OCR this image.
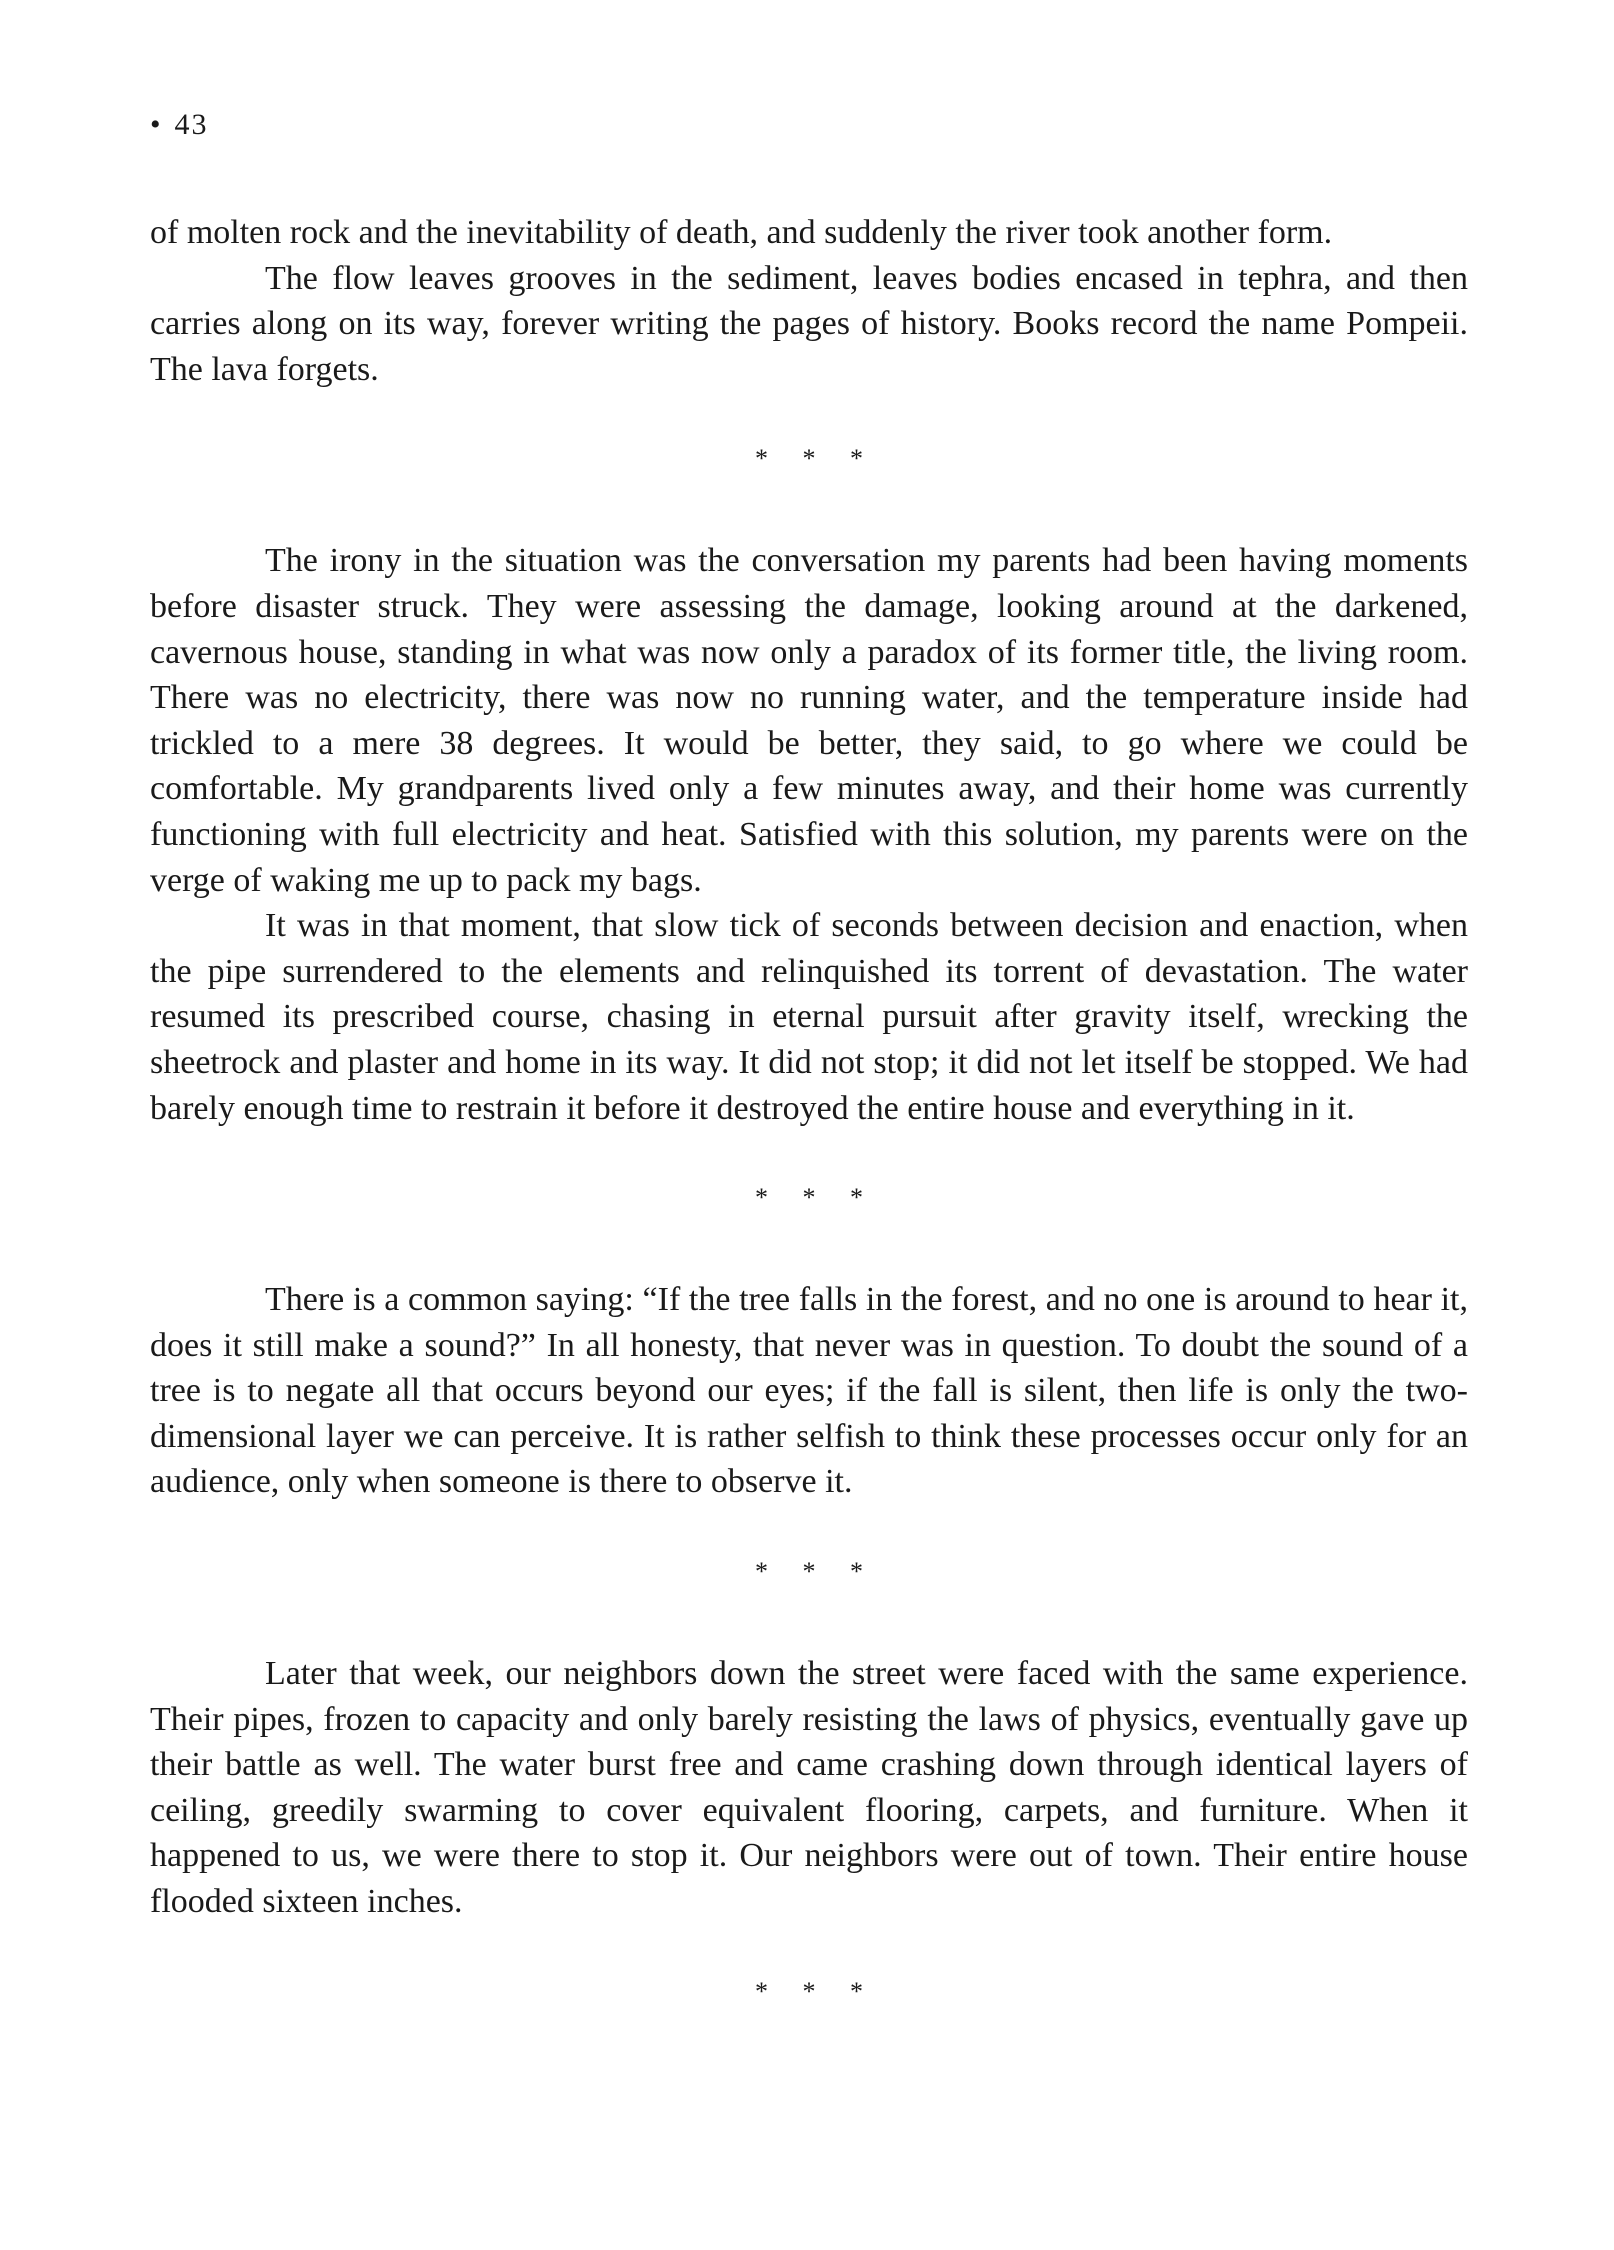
• 43

of molten rock and the inevitability of death, and suddenly the river took another form.

The flow leaves grooves in the sediment, leaves bodies encased in tephra, and then carries along on its way, forever writing the pages of history. Books record the name Pompeii. The lava forgets.

* * *

The irony in the situation was the conversation my parents had been having moments before disaster struck. They were assessing the damage, looking around at the darkened, cavernous house, standing in what was now only a paradox of its former title, the living room. There was no electricity, there was now no running water, and the temperature inside had trickled to a mere 38 degrees. It would be better, they said, to go where we could be comfortable. My grandparents lived only a few minutes away, and their home was currently functioning with full electricity and heat. Satisfied with this solution, my parents were on the verge of waking me up to pack my bags.

It was in that moment, that slow tick of seconds between decision and enaction, when the pipe surrendered to the elements and relinquished its torrent of devastation. The water resumed its prescribed course, chasing in eternal pursuit after gravity itself, wrecking the sheetrock and plaster and home in its way. It did not stop; it did not let itself be stopped. We had barely enough time to restrain it before it destroyed the entire house and everything in it.

* * *

There is a common saying: “If the tree falls in the forest, and no one is around to hear it, does it still make a sound?” In all honesty, that never was in question. To doubt the sound of a tree is to negate all that occurs beyond our eyes; if the fall is silent, then life is only the two-dimensional layer we can perceive. It is rather selfish to think these processes occur only for an audience, only when someone is there to observe it.

* * *

Later that week, our neighbors down the street were faced with the same experience. Their pipes, frozen to capacity and only barely resisting the laws of physics, eventually gave up their battle as well. The water burst free and came crashing down through identical layers of ceiling, greedily swarming to cover equivalent flooring, carpets, and furniture. When it happened to us, we were there to stop it. Our neighbors were out of town. Their entire house flooded sixteen inches.

* * *
